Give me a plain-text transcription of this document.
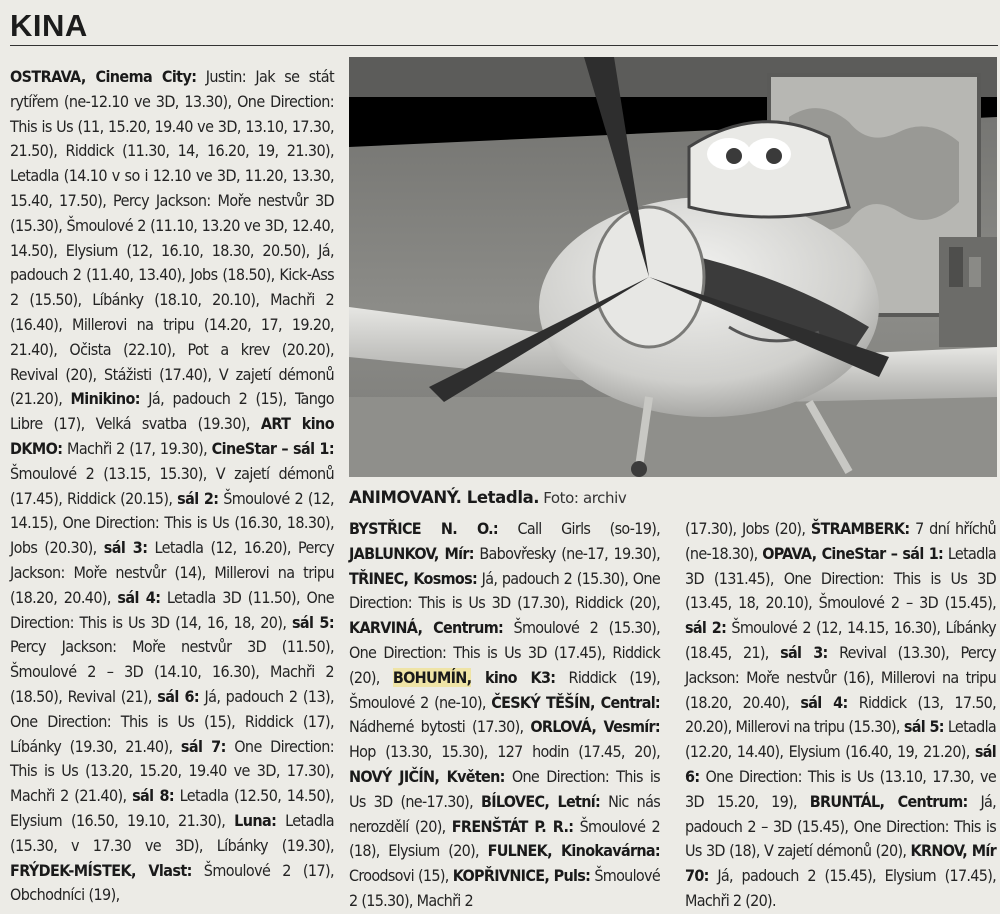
KINA
OSTRAVA, Cinema City: Justin: Jak se stát rytířem (ne-12.10 ve 3D, 13.30), One Direction: This is Us (11, 15.20, 19.40 ve 3D, 13.10, 17.30, 21.50), Riddick (11.30, 14, 16.20, 19, 21.30), Letadla (14.10 v so i 12.10 ve 3D, 11.20, 13.30, 15.40, 17.50), Percy Jackson: Moře nestvůr 3D (15.30), Šmoulové 2 (11.10, 13.20 ve 3D, 12.40, 14.50), Elysium (12, 16.10, 18.30, 20.50), Já, padouch 2 (11.40, 13.40), Jobs (18.50), Kick-Ass 2 (15.50), Líbánky (18.10, 20.10), Machři 2 (16.40), Millerovi na tripu (14.20, 17, 19.20, 21.40), Očista (22.10), Pot a krev (20.20), Revival (20), Stážisti (17.40), V zajetí démonů (21.20), Minikino: Já, padouch 2 (15), Tango Libre (17), Velká svatba (19.30), ART kino DKMO: Machři 2 (17, 19.30), CineStar – sál 1: Šmoulové 2 (13.15, 15.30), V zajetí démonů (17.45), Riddick (20.15), sál 2: Šmoulové 2 (12, 14.15), One Direction: This is Us (16.30, 18.30), Jobs (20.30), sál 3: Letadla (12, 16.20), Percy Jackson: Moře nestvůr (14), Millerovi na tripu (18.20, 20.40), sál 4: Letadla 3D (11.50), One Direction: This is Us 3D (14, 16, 18, 20), sál 5: Percy Jackson: Moře nestvůr 3D (11.50), Šmoulové 2 – 3D (14.10, 16.30), Machři 2 (18.50), Revival (21), sál 6: Já, padouch 2 (13), One Direction: This is Us (15), Riddick (17), Líbánky (19.30, 21.40), sál 7: One Direction: This is Us (13.20, 15.20, 19.40 ve 3D, 17.30), Machři 2 (21.40), sál 8: Letadla (12.50, 14.50), Elysium (16.50, 19.10, 21.30), Luna: Letadla (15.30, v 17.30 ve 3D), Líbánky (19.30), FRÝDEK-MÍSTEK, Vlast: Šmoulové 2 (17), Obchodníci (19),
ANIMOVANÝ. Letadla. Foto: archiv
BYSTŘICE N. O.: Call Girls (so-19), JABLUNKOV, Mír: Babovřesky (ne-17, 19.30), TŘINEC, Kosmos: Já, padouch 2 (15.30), One Direction: This is Us 3D (17.30), Riddick (20), KARVINÁ, Centrum: Šmoulové 2 (15.30), One Direction: This is Us 3D (17.45), Riddick (20), BOHUMÍN, kino K3: Riddick (19), Šmoulové 2 (ne-10), ČESKÝ TĚŠÍN, Central: Nádherné bytosti (17.30), ORLOVÁ, Vesmír: Hop (13.30, 15.30), 127 hodin (17.45, 20), NOVÝ JIČÍN, Květen: One Direction: This is Us 3D (ne-17.30), BÍLOVEC, Letní: Nic nás nerozdělí (20), FRENŠTÁT P. R.: Šmoulové 2 (18), Elysium (20), FULNEK, Kinokavárna: Croodsovi (15), KOPŘIVNICE, Puls: Šmoulové 2 (15.30), Machři 2
(17.30), Jobs (20), ŠTRAMBERK: 7 dní hříchů (ne-18.30), OPAVA, CineStar – sál 1: Letadla 3D (131.45), One Direction: This is Us 3D (13.45, 18, 20.10), Šmoulové 2 – 3D (15.45), sál 2: Šmoulové 2 (12, 14.15, 16.30), Líbánky (18.45, 21), sál 3: Revival (13.30), Percy Jackson: Moře nestvůr (16), Millerovi na tripu (18.20, 20.40), sál 4: Riddick (13, 17.50, 20.20), Millerovi na tripu (15.30), sál 5: Letadla (12.20, 14.40), Elysium (16.40, 19, 21.20), sál 6: One Direction: This is Us (13.10, 17.30, ve 3D 15.20, 19), BRUNTÁL, Centrum: Já, padouch 2 – 3D (15.45), One Direction: This is Us 3D (18), V zajetí démonů (20), KRNOV, Mír 70: Já, padouch 2 (15.45), Elysium (17.45), Machři 2 (20).
